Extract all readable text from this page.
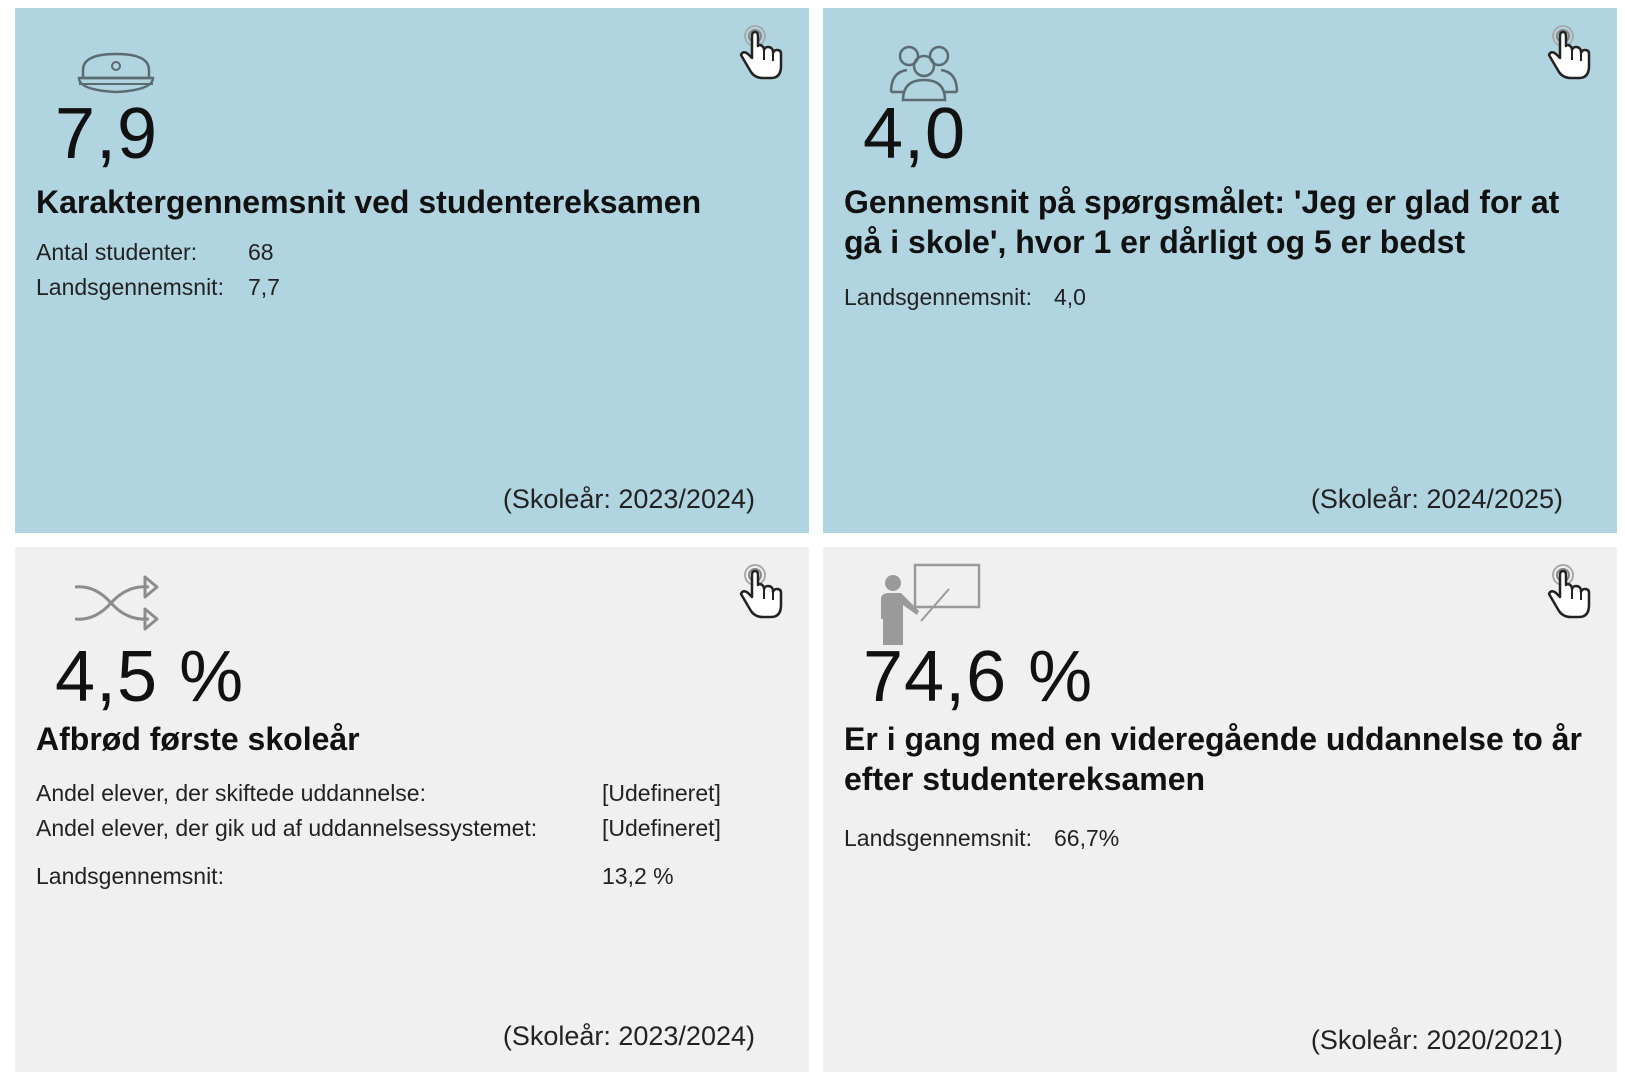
7,9
Karaktergennemsnit ved studentereksamen
Antal studenter:	68
Landsgennemsnit:	7,7
(Skoleår: 2023/2024)
4,0
Gennemsnit på spørgsmålet: 'Jeg er glad for at gå i skole', hvor 1 er dårligt og 5 er bedst
Landsgennemsnit: 4,0
(Skoleår: 2024/2025)
4,5 %
Afbrød første skoleår
Andel elever, der skiftede uddannelse:	[Udefineret]
Andel elever, der gik ud af uddannelsessystemet:	[Udefineret]
Landsgennemsnit:	13,2 %
(Skoleår: 2023/2024)
74,6 %
Er i gang med en videregående uddannelse to år efter studentereksamen
Landsgennemsnit: 66,7%
(Skoleår: 2020/2021)
